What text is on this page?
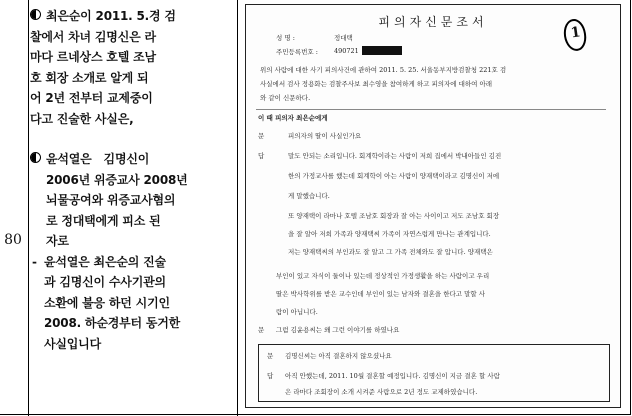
80
최은순이 2011. 5.경 검
찰에서 차녀 김명신은 라
마다 르네상스 호텔 조남
호 회장 소개로 알게 되
어 2년 전부터 교제중이
다고 진술한 사실은,
윤석열은 김명신이
2006년 위증교사 2008년
뇌물공여와 위증교사혐의
로 정대택에게 피소 된
자로
- 윤석열은 최은순의 진술
과 김명신이 수사기관의
소환에 불응 하던 시기인
2008. 하순경부터 동거한
사실입니다
피의자신문조서
1
성 명 :	정대택
주민등록번호 : 490721
위의 사람에 대한 사기 피의사건에 관하여 2011. 5. 25. 서울동부지방검찰청 221호 검
사실에서 검사 정용화는 검찰주사보 최수영을 참여하게 하고 피의자에 대하여 아래
와 같이 신문하다.
이 때 피의자 최은순에게
문	피의자의 딸이 사실인가요
답	말도 안되는 소리입니다. 회계학이라는 사람이 저희 집에서 박내아들인 김진
한의 가정교사를 했는데 회계학이 아는 사람이 양재택이라고 김명신이 저에
게 말했습니다.
또 양재택이 라마나 호텔 조남호 회장과 잘 아는 사이이고 저도 조남호 회장
을 잘 알아 저희 가족과 양재택씨 가족이 자연스럽게 만나는 관계입니다.
저는 양재택씨의 부인과도 잘 알고 그 가족 전체와도 잘 압니다. 양재택은
부인이 있고 자식이 둘이나 있는데 정상적인 가정생활을 하는 사람이고 우리
딸은 박사학위를 받은 교수인데 부인이 있는 남자와 결혼을 한다고 말할 사
람이 아닙니다.
문 그럼 김윤용씨는 왜 그런 이야기를 하였나요
문 김명신씨는 아직 결혼하지 않으셨나요
답 아직 안했는데, 2011. 10월 결혼할 예정입니다. 김명신이 지금 결혼 할 사람
은 라마다 조회장이 소개 시켜준 사람으로 2년 정도 교제하였습니다.
